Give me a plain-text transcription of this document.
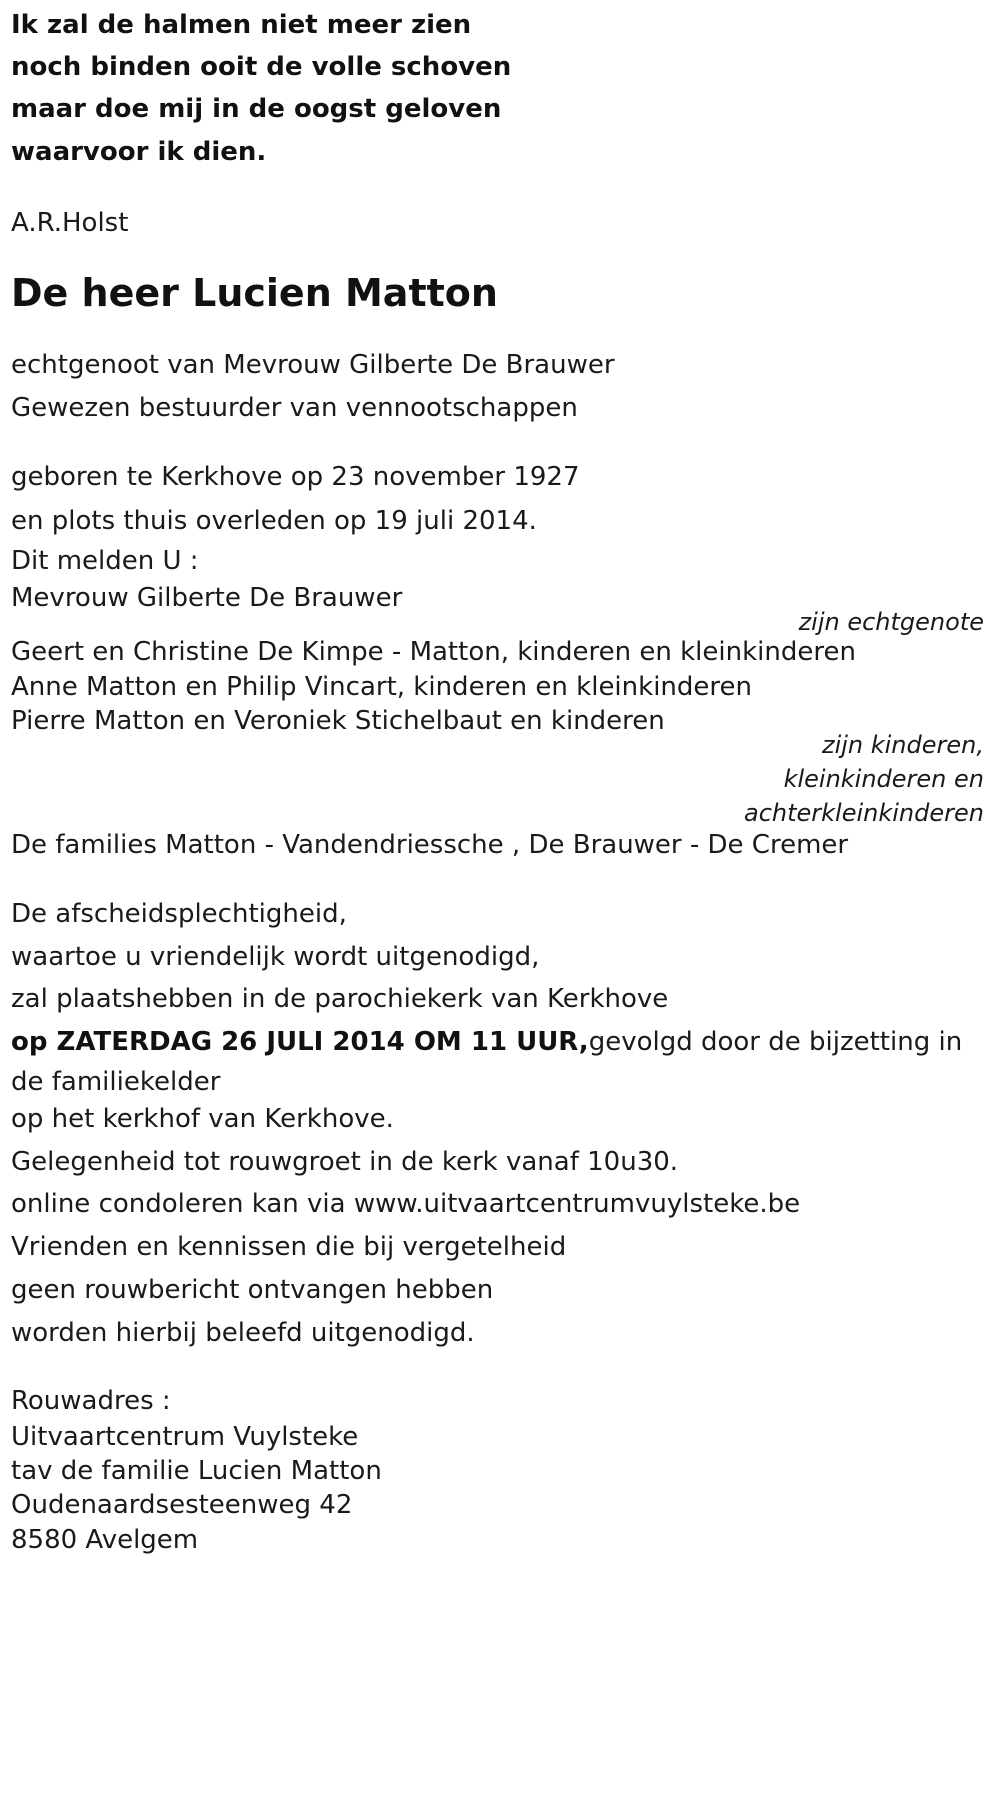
Ik zal de halmen niet meer zien
noch binden ooit de volle schoven
maar doe mij in de oogst geloven
waarvoor ik dien.
A.R.Holst
De heer Lucien Matton
echtgenoot van Mevrouw Gilberte De Brauwer
Gewezen bestuurder van vennootschappen
geboren te Kerkhove op 23 november 1927
en plots thuis overleden op 19 juli 2014.
Dit melden U :
Mevrouw Gilberte De Brauwer
zijn echtgenote
Geert en Christine De Kimpe - Matton, kinderen en kleinkinderen
Anne Matton en Philip Vincart, kinderen en kleinkinderen
Pierre Matton en Veroniek Stichelbaut en kinderen
zijn kinderen,
kleinkinderen en
achterkleinkinderen
De families Matton - Vandendriessche , De Brauwer - De Cremer
De afscheidsplechtigheid,
waartoe u vriendelijk wordt uitgenodigd,
zal plaatshebben in de parochiekerk van Kerkhove
op ZATERDAG 26 JULI 2014 OM 11 UUR,gevolgd door de bijzetting in de familiekelder
op het kerkhof van Kerkhove.
Gelegenheid tot rouwgroet in de kerk vanaf 10u30.
online condoleren kan via www.uitvaartcentrumvuylsteke.be
Vrienden en kennissen die bij vergetelheid
geen rouwbericht ontvangen hebben
worden hierbij beleefd uitgenodigd.
Rouwadres :
Uitvaartcentrum Vuylsteke
tav de familie Lucien Matton
Oudenaardsesteenweg 42
8580 Avelgem
